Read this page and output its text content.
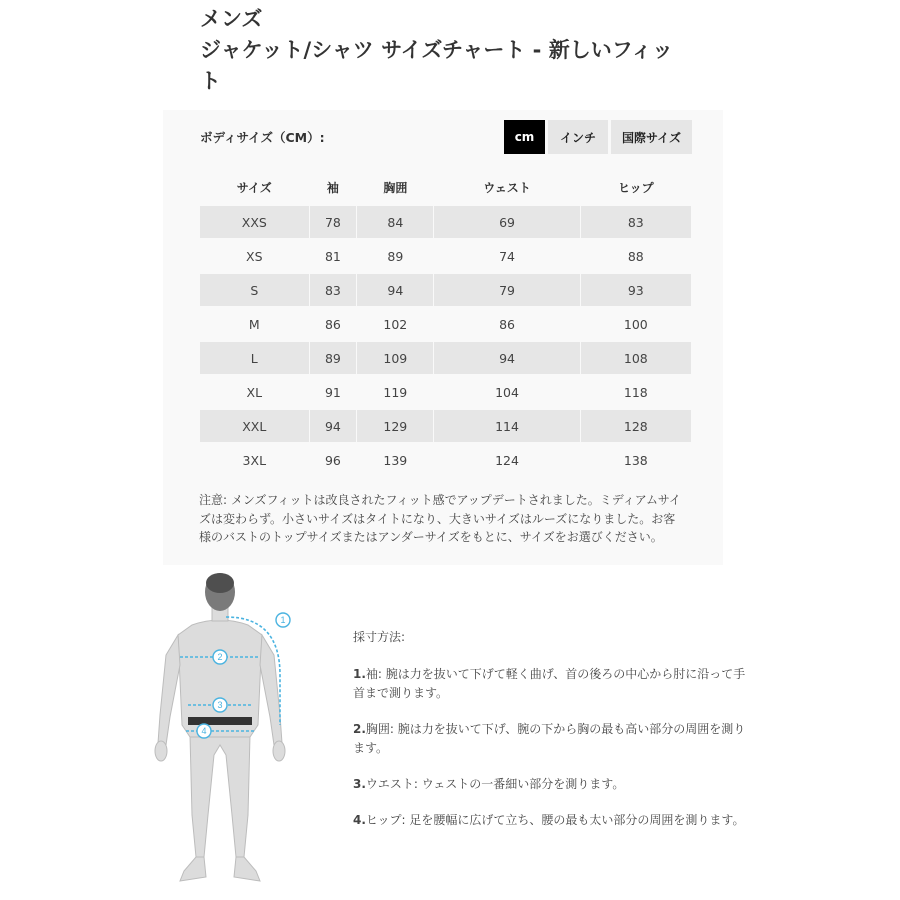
メンズ
ジャケット/シャツ サイズチャート - 新しいフィッ
ト
ボディサイズ（CM）:	cm	インチ	国際サイズ
サイズ	袖	胸囲	ウェスト	ヒップ
XXS	78	84	69	83
XS	81	89	74	88
S	83	94	79	93
M	86	102	86	100
L	89	109	94	108
XL	91	119	104	118
XXL	94	129	114	128
3XL	96	139	124	138
注意: メンズフィットは改良されたフィット感でアップデートされました。ミディアムサイ
ズは変わらず。小さいサイズはタイトになり、大きいサイズはルーズになりました。お客
様のバストのトップサイズまたはアンダーサイズをもとに、サイズをお選びください。
1
2
3
4
採寸方法:
1.袖: 腕は力を抜いて下げて軽く曲げ、首の後ろの中心から肘に沿って手
首まで測ります。
2.胸囲: 腕は力を抜いて下げ、腕の下から胸の最も高い部分の周囲を測り
ます。
3.ウエスト: ウェストの一番細い部分を測ります。
4.ヒップ: 足を腰幅に広げて立ち、腰の最も太い部分の周囲を測ります。
